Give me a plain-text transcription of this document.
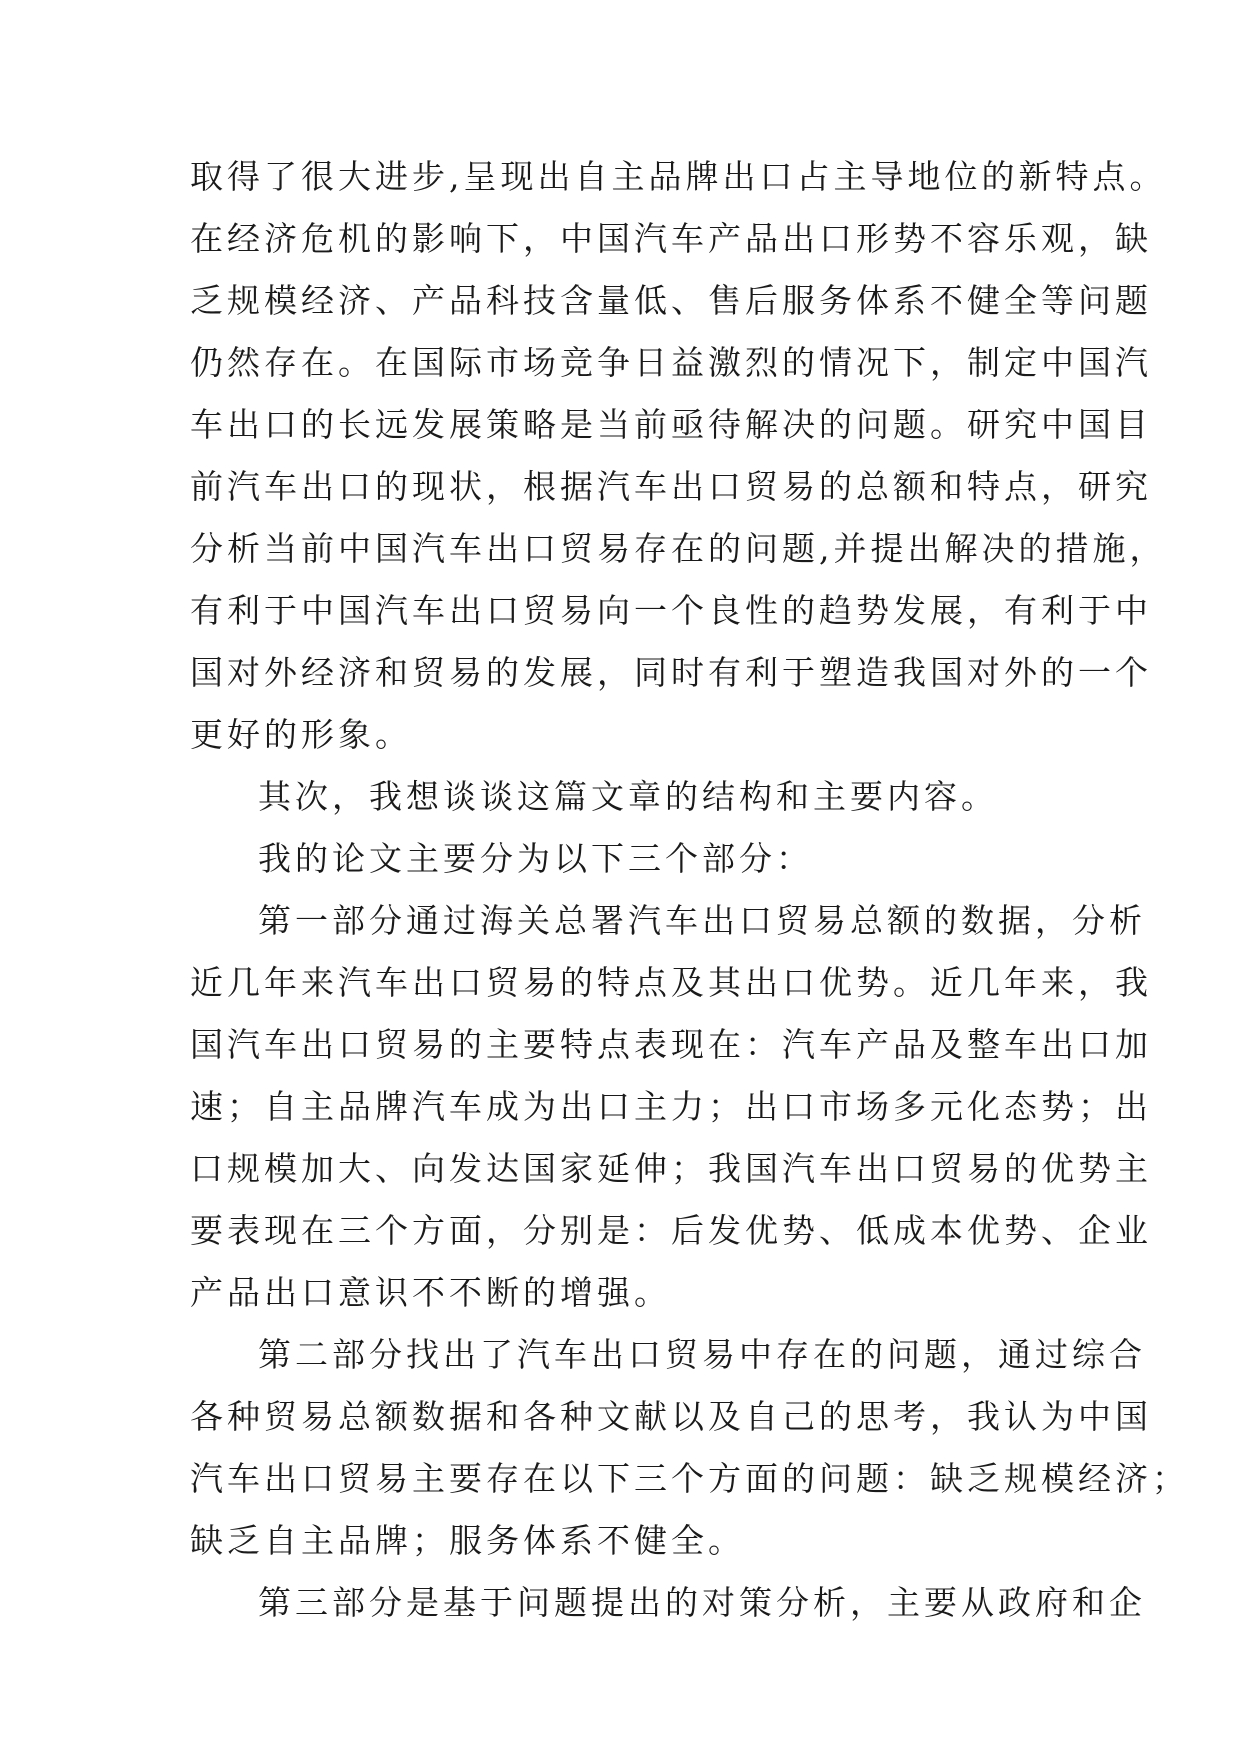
取得了很大进步,呈现出自主品牌出口占主导地位的新特点。
在经济危机的影响下，中国汽车产品出口形势不容乐观，缺
乏规模经济、产品科技含量低、售后服务体系不健全等问题
仍然存在。在国际市场竞争日益激烈的情况下，制定中国汽
车出口的长远发展策略是当前亟待解决的问题。研究中国目
前汽车出口的现状，根据汽车出口贸易的总额和特点，研究
分析当前中国汽车出口贸易存在的问题,并提出解决的措施，
有利于中国汽车出口贸易向一个良性的趋势发展，有利于中
国对外经济和贸易的发展，同时有利于塑造我国对外的一个
更好的形象。
其次，我想谈谈这篇文章的结构和主要内容。
我的论文主要分为以下三个部分：
第一部分通过海关总署汽车出口贸易总额的数据，分析
近几年来汽车出口贸易的特点及其出口优势。近几年来，我
国汽车出口贸易的主要特点表现在：汽车产品及整车出口加
速；自主品牌汽车成为出口主力；出口市场多元化态势；出
口规模加大、向发达国家延伸；我国汽车出口贸易的优势主
要表现在三个方面，分别是：后发优势、低成本优势、企业
产品出口意识不不断的增强。
第二部分找出了汽车出口贸易中存在的问题，通过综合
各种贸易总额数据和各种文献以及自己的思考，我认为中国
汽车出口贸易主要存在以下三个方面的问题：缺乏规模经济；
缺乏自主品牌；服务体系不健全。
第三部分是基于问题提出的对策分析，主要从政府和企
